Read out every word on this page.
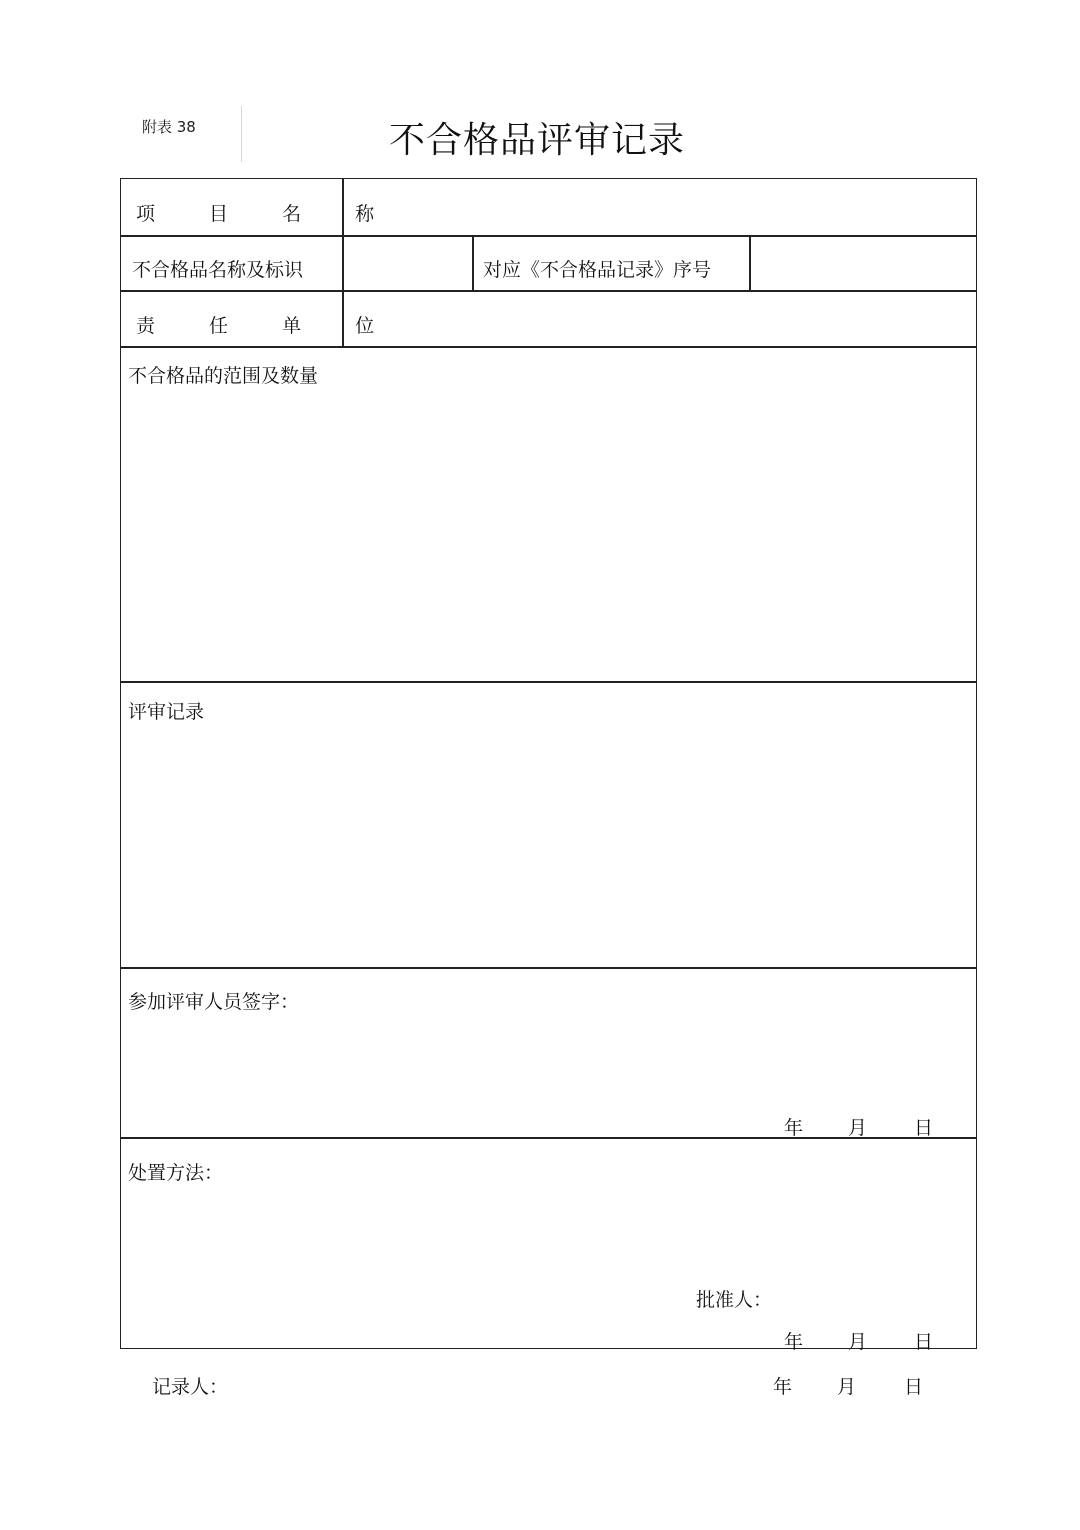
附表 38	不合格品评审记录
项 目 名 称
不合格品名称及标识	对应《不合格品记录》序号
责 任 单 位
不合格品的范围及数量
评审记录
参加评审人员签字：
年 月 日
处置方法：
批准人：
年 月 日
记录人：	年 月	日
